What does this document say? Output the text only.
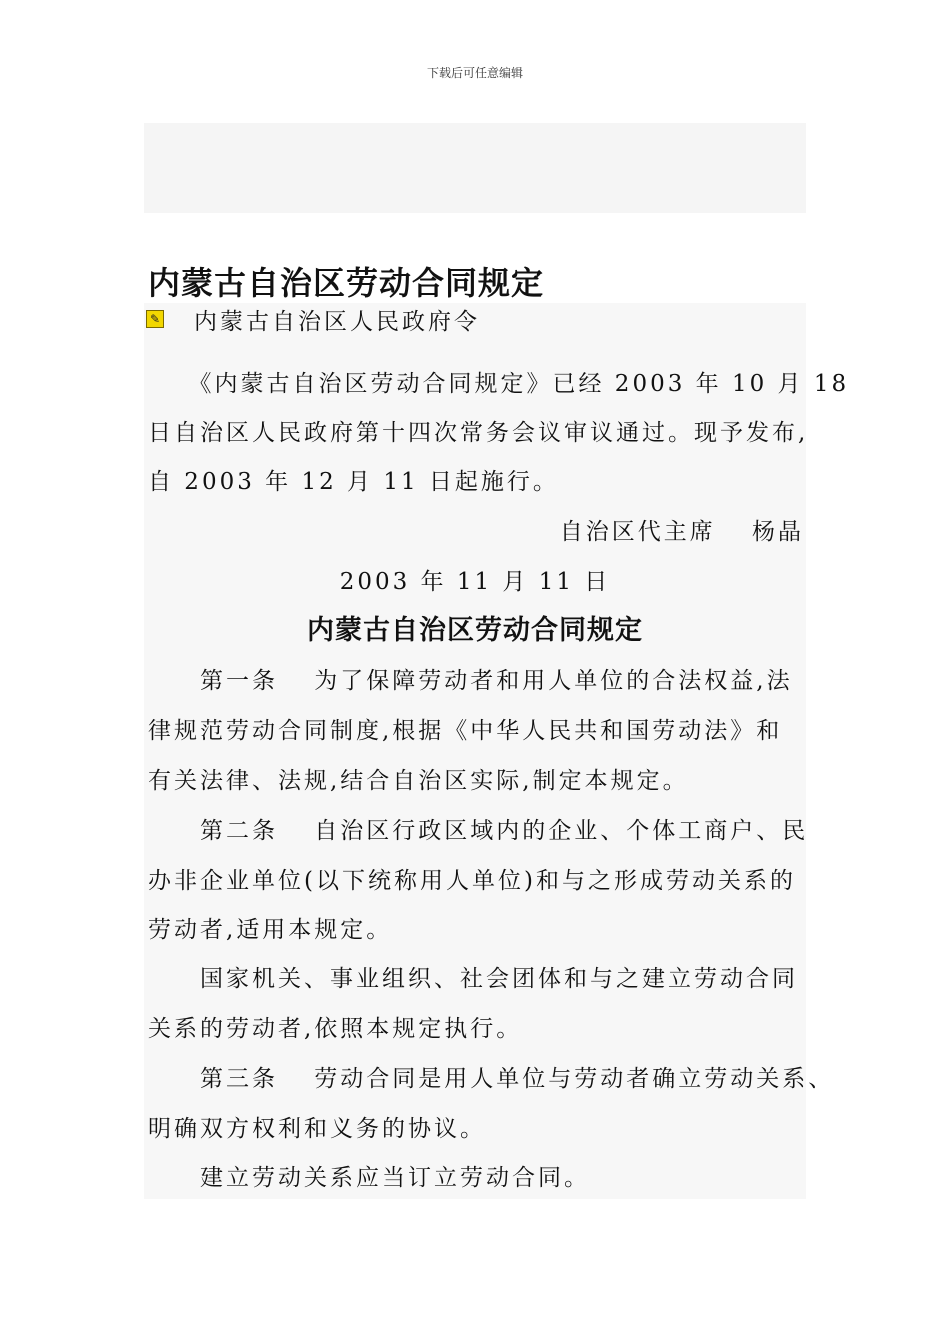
下载后可任意编辑
内蒙古自治区劳动合同规定
✎ 内蒙古自治区人民政府令

　　《内蒙古自治区劳动合同规定》已经 2003 年 10 月 18

日自治区人民政府第十四次常务会议审议通过。现予发布,

自 2003 年 12 月 11 日起施行。

自治区代主席　 杨晶

2003 年 11 月 11 日

内蒙古自治区劳动合同规定

　　第一条　 为了保障劳动者和用人单位的合法权益,法

律规范劳动合同制度,根据《中华人民共和国劳动法》和

有关法律、法规,结合自治区实际,制定本规定。

　　第二条　 自治区行政区域内的企业、个体工商户、民

办非企业单位(以下统称用人单位)和与之形成劳动关系的

劳动者,适用本规定。

　　国家机关、事业组织、社会团体和与之建立劳动合同

关系的劳动者,依照本规定执行。

　　第三条　 劳动合同是用人单位与劳动者确立劳动关系、

明确双方权利和义务的协议。

　　建立劳动关系应当订立劳动合同。
